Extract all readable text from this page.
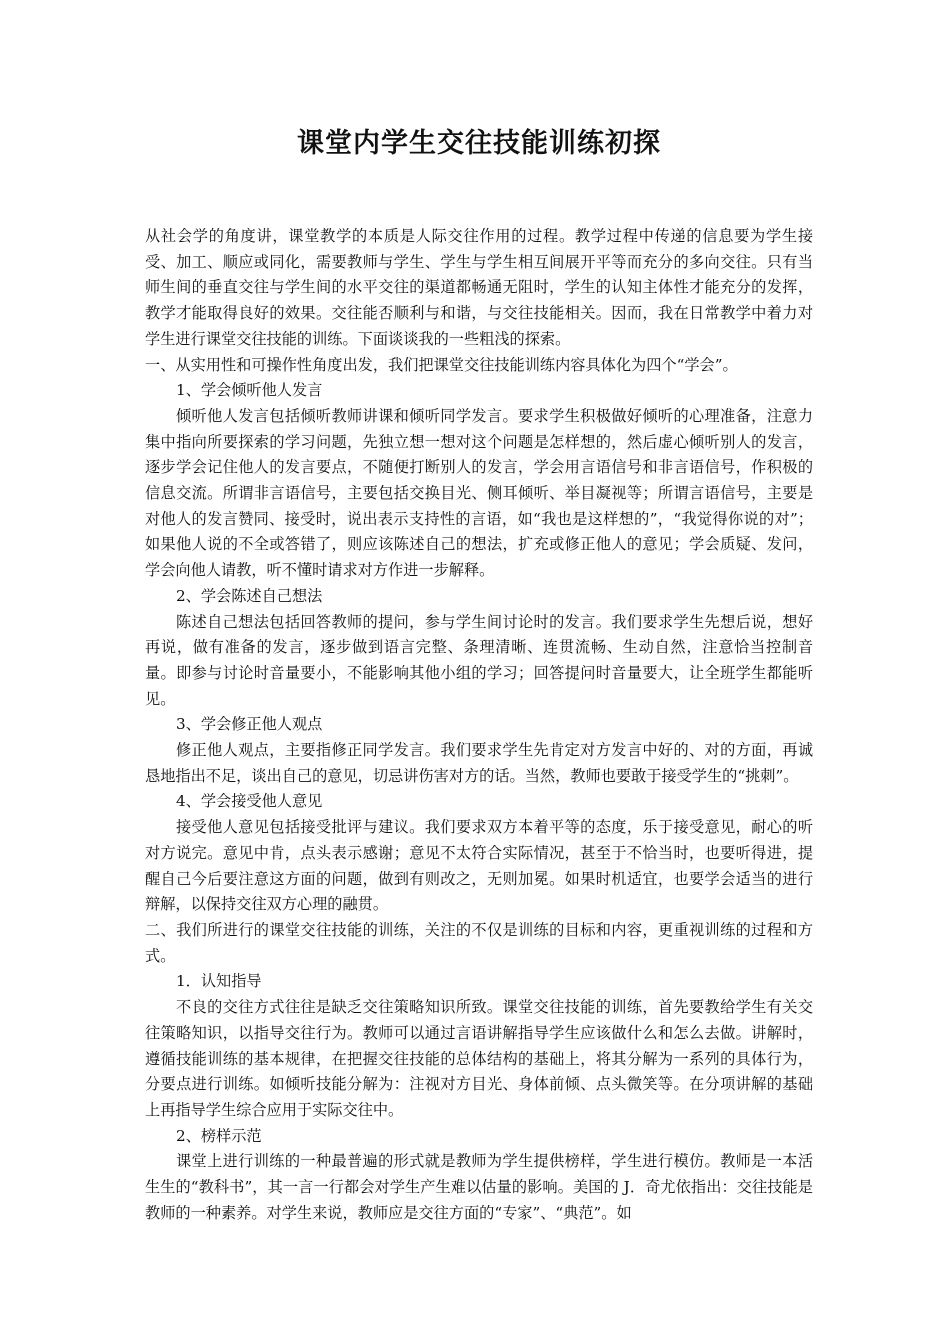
课堂内学生交往技能训练初探

从社会学的角度讲，课堂教学的本质是人际交往作用的过程。教学过程中传递的信息要为学生接受、加工、顺应或同化，需要教师与学生、学生与学生相互间展开平等而充分的多向交往。只有当师生间的垂直交往与学生间的水平交往的渠道都畅通无阻时，学生的认知主体性才能充分的发挥，教学才能取得良好的效果。交往能否顺利与和谐，与交往技能相关。因而，我在日常教学中着力对学生进行课堂交往技能的训练。下面谈谈我的一些粗浅的探索。

一、从实用性和可操作性角度出发，我们把课堂交往技能训练内容具体化为四个“学会”。

1、学会倾听他人发言

倾听他人发言包括倾听教师讲课和倾听同学发言。要求学生积极做好倾听的心理准备，注意力集中指向所要探索的学习问题，先独立想一想对这个问题是怎样想的，然后虚心倾听别人的发言，逐步学会记住他人的发言要点，不随便打断别人的发言，学会用言语信号和非言语信号，作积极的信息交流。所谓非言语信号，主要包括交换目光、侧耳倾听、举目凝视等；所谓言语信号，主要是对他人的发言赞同、接受时，说出表示支持性的言语，如“我也是这样想的”，“我觉得你说的对”；如果他人说的不全或答错了，则应该陈述自己的想法，扩充或修正他人的意见；学会质疑、发问，学会向他人请教，听不懂时请求对方作进一步解释。

2、学会陈述自己想法

陈述自己想法包括回答教师的提问，参与学生间讨论时的发言。我们要求学生先想后说，想好再说，做有准备的发言，逐步做到语言完整、条理清晰、连贯流畅、生动自然，注意恰当控制音量。即参与讨论时音量要小，不能影响其他小组的学习；回答提问时音量要大，让全班学生都能听见。

3、学会修正他人观点

修正他人观点，主要指修正同学发言。我们要求学生先肯定对方发言中好的、对的方面，再诚恳地指出不足，谈出自己的意见，切忌讲伤害对方的话。当然，教师也要敢于接受学生的“挑刺”。

4、学会接受他人意见

接受他人意见包括接受批评与建议。我们要求双方本着平等的态度，乐于接受意见，耐心的听对方说完。意见中肯，点头表示感谢；意见不太符合实际情况，甚至于不恰当时，也要听得进，提醒自己今后要注意这方面的问题，做到有则改之，无则加冕。如果时机适宜，也要学会适当的进行辩解，以保持交往双方心理的融贯。

二、我们所进行的课堂交往技能的训练，关注的不仅是训练的目标和内容，更重视训练的过程和方式。

1．认知指导

不良的交往方式往往是缺乏交往策略知识所致。课堂交往技能的训练，首先要教给学生有关交往策略知识，以指导交往行为。教师可以通过言语讲解指导学生应该做什么和怎么去做。讲解时，遵循技能训练的基本规律，在把握交往技能的总体结构的基础上，将其分解为一系列的具体行为，分要点进行训练。如倾听技能分解为：注视对方目光、身体前倾、点头微笑等。在分项讲解的基础上再指导学生综合应用于实际交往中。

2、榜样示范

课堂上进行训练的一种最普遍的形式就是教师为学生提供榜样，学生进行模仿。教师是一本活生生的“教科书”，其一言一行都会对学生产生难以估量的影响。美国的 J．奇尤依指出：交往技能是教师的一种素养。对学生来说，教师应是交往方面的“专家”、“典范”。如
